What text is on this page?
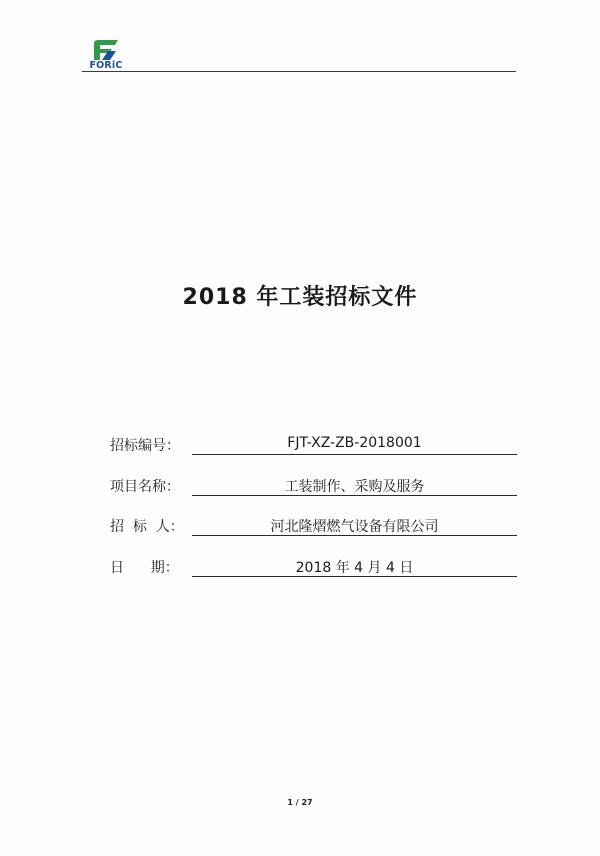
FORiC
2018 年工装招标文件
招标编号：	FJT-XZ-ZB-2018001
项目名称：	工装制作、采购及服务
招  标  人：	河北隆熠燃气设备有限公司
日      期：	2018 年 4 月 4 日
1 / 27
